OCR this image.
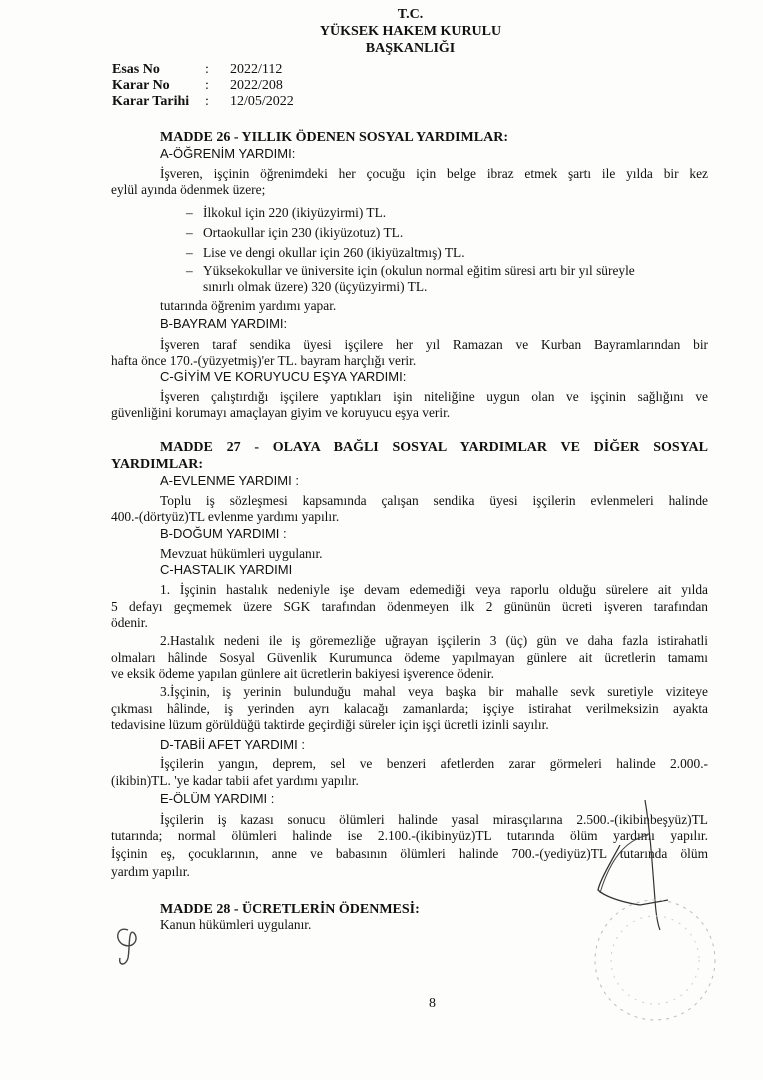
T.C.
YÜKSEK HAKEM KURULU
BAŞKANLIĞI
Esas No	: 2022/112
Karar No	: 2022/208
Karar Tarihi : 12/05/2022
MADDE 26 - YILLIK ÖDENEN SOSYAL YARDIMLAR:
A-ÖĞRENİM YARDIMI:
İşveren, işçinin öğrenimdeki her çocuğu için belge ibraz etmek şartı ile yılda bir kez
eylül ayında ödenmek üzere;
– İlkokul için 220 (ikiyüzyirmi) TL.
– Ortaokullar için 230 (ikiyüzotuz) TL.
– Lise ve dengi okullar için 260 (ikiyüzaltmış) TL.
– Yüksekokullar ve üniversite için (okulun normal eğitim süresi artı bir yıl süreyle
sınırlı olmak üzere) 320 (üçyüzyirmi) TL.
tutarında öğrenim yardımı yapar.
B-BAYRAM YARDIMI:
İşveren taraf sendika üyesi işçilere her yıl Ramazan ve Kurban Bayramlarından bir
hafta önce 170.-(yüzyetmiş)'er TL. bayram harçlığı verir.
C-GİYİM VE KORUYUCU EŞYA YARDIMI:
İşveren çalıştırdığı işçilere yaptıkları işin niteliğine uygun olan ve işçinin sağlığını ve
güvenliğini korumayı amaçlayan giyim ve koruyucu eşya verir.
MADDE 27 - OLAYA BAĞLI SOSYAL YARDIMLAR VE DİĞER SOSYAL
YARDIMLAR:
A-EVLENME YARDIMI :
Toplu iş sözleşmesi kapsamında çalışan sendika üyesi işçilerin evlenmeleri halinde
400.-(dörtyüz)TL evlenme yardımı yapılır.
B-DOĞUM YARDIMI :
Mevzuat hükümleri uygulanır.
C-HASTALIK YARDIMI
1. İşçinin hastalık nedeniyle işe devam edemediği veya raporlu olduğu sürelere ait yılda
5 defayı geçmemek üzere SGK tarafından ödenmeyen ilk 2 gününün ücreti işveren tarafından
ödenir.
2.Hastalık nedeni ile iş göremezliğe uğrayan işçilerin 3 (üç) gün ve daha fazla istirahatli
olmaları hâlinde Sosyal Güvenlik Kurumunca ödeme yapılmayan günlere ait ücretlerin tamamı
ve eksik ödeme yapılan günlere ait ücretlerin bakiyesi işverence ödenir.
3.İşçinin, iş yerinin bulunduğu mahal veya başka bir mahalle sevk suretiyle viziteye
çıkması hâlinde, iş yerinden ayrı kalacağı zamanlarda; işçiye istirahat verilmeksizin ayakta
tedavisine lüzum görüldüğü taktirde geçirdiği süreler için işçi ücretli izinli sayılır.
D-TABİİ AFET YARDIMI :
İşçilerin yangın, deprem, sel ve benzeri afetlerden zarar görmeleri halinde 2.000.-
(ikibin)TL. 'ye kadar tabii afet yardımı yapılır.
E-ÖLÜM YARDIMI :
İşçilerin iş kazası sonucu ölümleri halinde yasal mirasçılarına 2.500.-(ikibinbeşyüz)TL
tutarında; normal ölümleri halinde ise 2.100.-(ikibinyüz)TL tutarında ölüm yardımı yapılır.
İşçinin eş, çocuklarının, anne ve babasının ölümleri halinde 700.-(yediyüz)TL tutarında ölüm
yardım yapılır.
MADDE 28 - ÜCRETLERİN ÖDENMESİ:
Kanun hükümleri uygulanır.
8
